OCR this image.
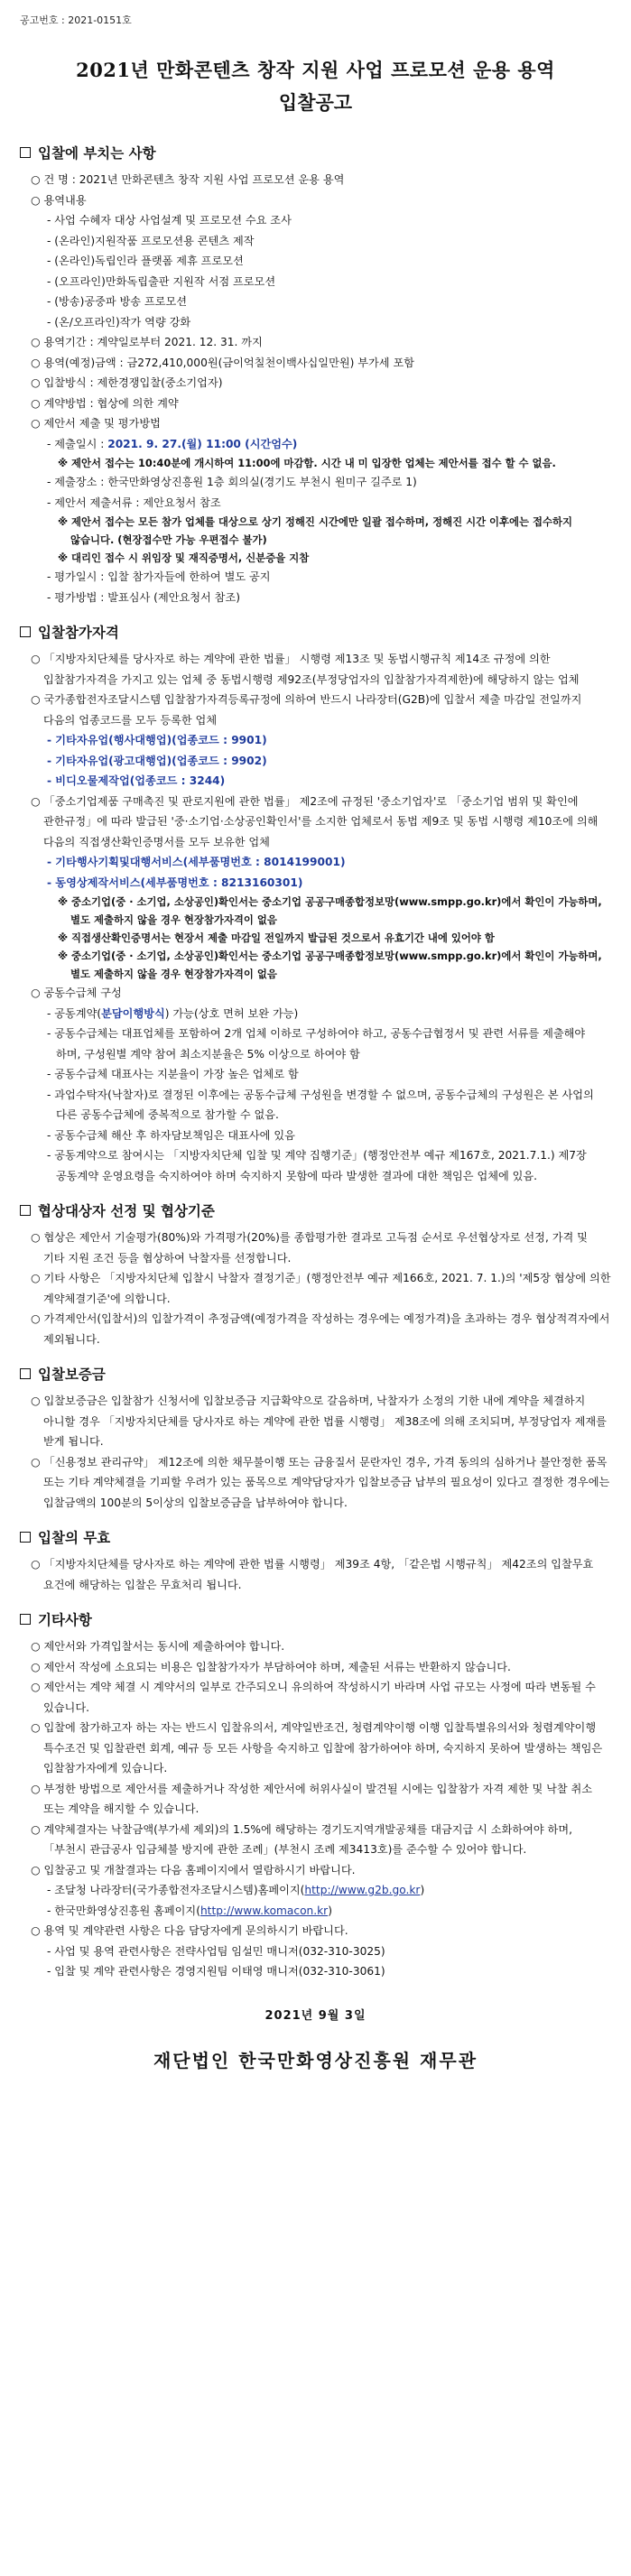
공고번호 : 2021-0151호
2021년 만화콘텐츠 창작 지원 사업 프로모션 운용 용역
입찰공고
입찰에 부치는 사항
○ 건 명 : 2021년 만화콘텐츠 창작 지원 사업 프로모션 운용 용역
○ 용역내용
- 사업 수혜자 대상 사업설계 및 프로모션 수요 조사
- (온라인)지원작품 프로모션용 콘텐츠 제작
- (온라인)독립인라 플랫폼 제휴 프로모션
- (오프라인)만화독립출판 지원작 서점 프로모션
- (방송)공중파 방송 프로모션
- (온/오프라인)작가 역량 강화
○ 용역기간 : 계약일로부터 2021. 12. 31. 까지
○ 용역(예정)금액 : 금272,410,000원(금이억칠천이백사십일만원) 부가세 포함
○ 입찰방식 : 제한경쟁입찰(중소기업자)
○ 계약방법 : 협상에 의한 계약
○ 제안서 제출 및 평가방법
- 제출일시 : 2021. 9. 27.(월) 11:00 (시간엄수)
※ 제안서 접수는 10:40분에 개시하여 11:00에 마감함. 시간 내 미 입장한 업체는 제안서를 접수 할 수 없음.
- 제출장소 : 한국만화영상진흥원 1층 회의실(경기도 부천시 원미구 길주로 1)
- 제안서 제출서류 : 제안요청서 참조
※ 제안서 접수는 모든 참가 업체를 대상으로 상기 정해진 시간에만 일괄 접수하며, 정해진 시간 이후에는 접수하지 않습니다. (현장접수만 가능 우편접수 불가)
※ 대리인 접수 시 위임장 및 재직증명서, 신분증을 지참
- 평가일시 : 입찰 참가자들에 한하여 별도 공지
- 평가방법 : 발표심사 (제안요청서 참조)
입찰참가자격
○ 「지방자치단체를 당사자로 하는 계약에 관한 법률」 시행령 제13조 및 동법시행규칙 제14조 규정에 의한 입찰참가자격을 가지고 있는 업체 중 동법시행령 제92조(부정당업자의 입찰참가자격제한)에 해당하지 않는 업체
○ 국가종합전자조달시스템 입찰참가자격등록규정에 의하여 반드시 나라장터(G2B)에 입찰서 제출 마감일 전일까지 다음의 업종코드를 모두 등록한 업체
- 기타자유업(행사대행업)(업종코드 : 9901)
- 기타자유업(광고대행업)(업종코드 : 9902)
- 비디오물제작업(업종코드 : 3244)
○ 「중소기업제품 구매촉진 및 판로지원에 관한 법률」 제2조에 규정된 '중소기업자'로 「중소기업 범위 및 확인에 관한규정」에 따라 발급된 '중·소기업·소상공인확인서'를 소지한 업체로서 동법 제9조 및 동법 시행령 제10조에 의해 다음의 직접생산확인증명서를 모두 보유한 업체
- 기타행사기획및대행서비스(세부품명번호 : 8014199001)
- 동영상제작서비스(세부품명번호 : 8213160301)
※ 중소기업(중 · 소기업, 소상공인)확인서는 중소기업 공공구매종합정보망(www.smpp.go.kr)에서 확인이 가능하며, 별도 제출하지 않을 경우 현장참가자격이 없음
※ 직접생산확인증명서는 현장서 제출 마감일 전일까지 발급된 것으로서 유효기간 내에 있어야 함
※ 중소기업(중 · 소기업, 소상공인)확인서는 중소기업 공공구매종합정보망(www.smpp.go.kr)에서 확인이 가능하며, 별도 제출하지 않을 경우 현장참가자격이 없음
○ 공동수급체 구성
- 공동계약(분담이행방식) 가능(상호 면허 보완 가능)
- 공동수급체는 대표업체를 포함하여 2개 업체 이하로 구성하여야 하고, 공동수급협정서 및 관련 서류를 제출해야 하며, 구성원별 계약 참여 최소지분율은 5% 이상으로 하여야 함
- 공동수급체 대표사는 지분율이 가장 높은 업체로 함
- 과업수탁자(낙찰자)로 결정된 이후에는 공동수급체 구성원을 변경할 수 없으며, 공동수급체의 구성원은 본 사업의 다른 공동수급체에 중복적으로 참가할 수 없음.
- 공동수급체 해산 후 하자담보책임은 대표사에 있음
- 공동계약으로 참여시는 「지방자치단체 입찰 및 계약 집행기준」(행정안전부 예규 제167호, 2021.7.1.) 제7장 공동계약 운영요령을 숙지하여야 하며 숙지하지 못함에 따라 발생한 결과에 대한 책임은 업체에 있음.
협상대상자 선정 및 협상기준
○ 협상은 제안서 기술평가(80%)와 가격평가(20%)를 종합평가한 결과로 고득점 순서로 우선협상자로 선정, 가격 및 기타 지원 조건 등을 협상하여 낙찰자를 선정합니다.
○ 기타 사항은 「지방자치단체 입찰시 낙찰자 결정기준」(행정안전부 예규 제166호, 2021. 7. 1.)의 '제5장 협상에 의한 계약체결기준'에 의합니다.
○ 가격제안서(입찰서)의 입찰가격이 추정금액(예정가격을 작성하는 경우에는 예정가격)을 초과하는 경우 협상적격자에서 제외됩니다.
입찰보증금
○ 입찰보증금은 입찰참가 신청서에 입찰보증금 지급확약으로 갈음하며, 낙찰자가 소정의 기한 내에 계약을 체결하지 아니할 경우 「지방자치단체를 당사자로 하는 계약에 관한 법률 시행령」 제38조에 의해 조치되며, 부정당업자 제재를 받게 됩니다.
○ 「신용정보 관리규약」 제12조에 의한 채무불이행 또는 금융질서 문란자인 경우, 가격 동의의 심하거나 불안정한 품목 또는 기타 계약체결을 기피할 우려가 있는 품목으로 계약담당자가 입찰보증금 납부의 필요성이 있다고 결정한 경우에는 입찰금액의 100분의 5이상의 입찰보증금을 납부하여야 합니다.
입찰의 무효
○ 「지방자치단체를 당사자로 하는 계약에 관한 법률 시행령」 제39조 4항, 「같은법 시행규칙」 제42조의 입찰무효 요건에 해당하는 입찰은 무효처리 됩니다.
기타사항
○ 제안서와 가격입찰서는 동시에 제출하여야 합니다.
○ 제안서 작성에 소요되는 비용은 입찰참가자가 부담하여야 하며, 제출된 서류는 반환하지 않습니다.
○ 제안서는 계약 체결 시 계약서의 일부로 간주되오니 유의하여 작성하시기 바라며 사업 규모는 사정에 따라 변동될 수 있습니다.
○ 입찰에 참가하고자 하는 자는 반드시 입찰유의서, 계약일반조건, 청렴계약이행 이행 입찰특별유의서와 청렴계약이행 특수조건 및 입찰관련 회계, 예규 등 모든 사항을 숙지하고 입찰에 참가하여야 하며, 숙지하지 못하여 발생하는 책임은 입찰참가자에게 있습니다.
○ 부정한 방법으로 제안서를 제출하거나 작성한 제안서에 허위사실이 발견될 시에는 입찰참가 자격 제한 및 낙찰 취소 또는 계약을 해지할 수 있습니다.
○ 계약체결자는 낙찰금액(부가세 제외)의 1.5%에 해당하는 경기도지역개발공채를 대금지급 시 소화하여야 하며, 「부천시 관급공사 입금체불 방지에 관한 조례」(부천시 조례 제3413호)를 준수할 수 있어야 합니다.
○ 입찰공고 및 개찰결과는 다음 홈페이지에서 열람하시기 바랍니다.
- 조달청 나라장터(국가종합전자조달시스템)홈페이지(http://www.g2b.go.kr)
- 한국만화영상진흥원 홈페이지(http://www.komacon.kr)
○ 용역 및 계약관련 사항은 다음 담당자에게 문의하시기 바랍니다.
- 사업 및 용역 관련사항은 전략사업팀 임설민 매니저(032-310-3025)
- 입찰 및 계약 관련사항은 경영지원팀 이태영 매니저(032-310-3061)
2021년 9월 3일
재단법인 한국만화영상진흥원 재무관
